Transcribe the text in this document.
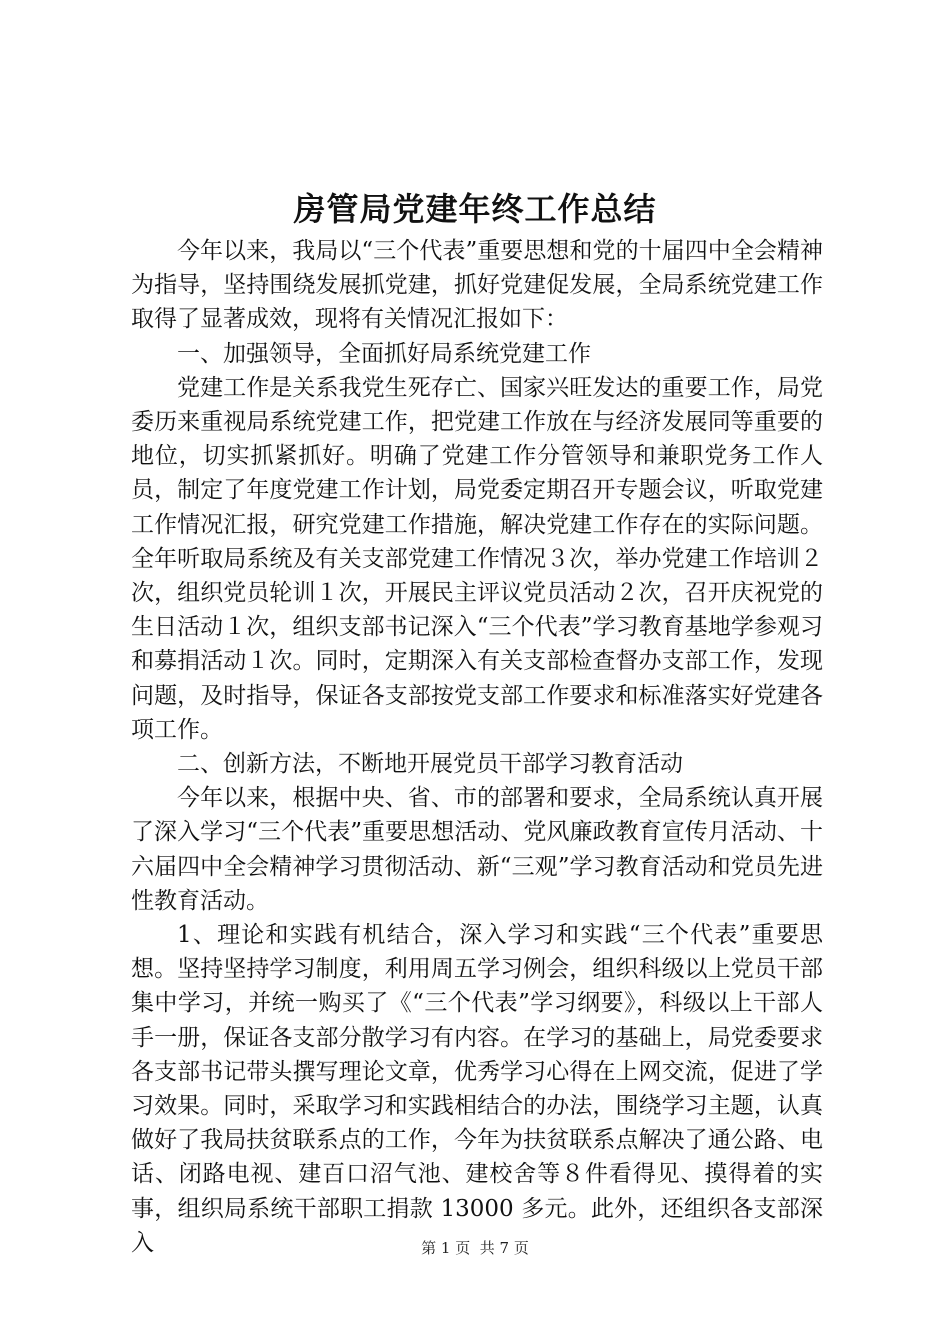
房管局党建年终工作总结

今年以来，我局以“三个代表”重要思想和党的十届四中全会精神为指导，坚持围绕发展抓党建，抓好党建促发展，全局系统党建工作取得了显著成效，现将有关情况汇报如下：

一、加强领导，全面抓好局系统党建工作

党建工作是关系我党生死存亡、国家兴旺发达的重要工作，局党委历来重视局系统党建工作，把党建工作放在与经济发展同等重要的地位，切实抓紧抓好。明确了党建工作分管领导和兼职党务工作人员，制定了年度党建工作计划，局党委定期召开专题会议，听取党建工作情况汇报，研究党建工作措施，解决党建工作存在的实际问题。全年听取局系统及有关支部党建工作情况３次，举办党建工作培训２次，组织党员轮训１次，开展民主评议党员活动２次，召开庆祝党的生日活动１次，组织支部书记深入“三个代表”学习教育基地学参观习和募捐活动１次。同时，定期深入有关支部检查督办支部工作，发现问题，及时指导，保证各支部按党支部工作要求和标准落实好党建各项工作。

二、创新方法，不断地开展党员干部学习教育活动

今年以来，根据中央、省、市的部署和要求，全局系统认真开展了深入学习“三个代表”重要思想活动、党风廉政教育宣传月活动、十六届四中全会精神学习贯彻活动、新“三观”学习教育活动和党员先进性教育活动。

1、理论和实践有机结合，深入学习和实践“三个代表”重要思想。坚持坚持学习制度，利用周五学习例会，组织科级以上党员干部集中学习，并统一购买了《“三个代表”学习纲要》，科级以上干部人手一册，保证各支部分散学习有内容。在学习的基础上，局党委要求各支部书记带头撰写理论文章，优秀学习心得在上网交流，促进了学习效果。同时，采取学习和实践相结合的办法，围绕学习主题，认真做好了我局扶贫联系点的工作，今年为扶贫联系点解决了通公路、电话、闭路电视、建百口沼气池、建校舍等８件看得见、摸得着的实事，组织局系统干部职工捐款 13000 多元。此外，还组织各支部深入	第 1 页 共 7 页
